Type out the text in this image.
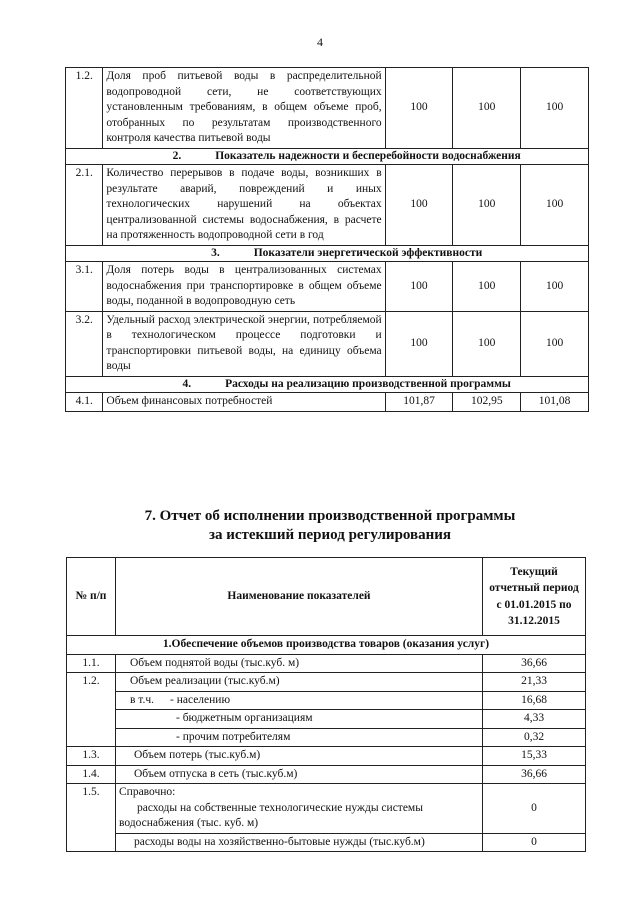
4
1.2.	Доля проб питьевой воды в распределительной водопроводной сети, не соответствующих установленным требованиям, в общем объеме проб, отобранных по результатам производственного контроля качества питьевой воды	100	100	100
2. Показатель надежности и бесперебойности водоснабжения				
2.1.	Количество перерывов в подаче воды, возникших в результате аварий, повреждений и иных технологических нарушений на объектах централизованной системы водоснабжения, в расчете на протяженность водопроводной сети в год	100	100	100
3. Показатели энергетической эффективности				
3.1.	Доля потерь воды в централизованных системах водоснабжения при транспортировке в общем объеме воды, поданной в водопроводную сеть	100	100	100
3.2.	Удельный расход электрической энергии, потребляемой в технологическом процессе подготовки и транспортировки питьевой воды, на единицу объема воды	100	100	100
4. Расходы на реализацию производственной программы				
4.1.	Объем финансовых потребностей	101,87	102,95	101,08
7. Отчет об исполнении производственной программы
за истекший период регулирования
№ п/п	Наименование показателей	Текущий
отчетный период
с 01.01.2015 по
31.12.2015

1.Обеспечение объемов производства товаров (оказания услуг)		
1.1.	Объем поднятой воды (тыс.куб. м)	36,66
1.2.	Объем реализации (тыс.куб.м)	21,33
	в т.ч. - населению	16,68
	- бюджетным организациям	4,33
	- прочим потребителям	0,32
1.3.	Объем потерь (тыс.куб.м)	15,33
1.4.	Объем отпуска в сеть (тыс.куб.м)	36,66
1.5.	Справочно:
расходы на собственные технологические нужды системы
водоснабжения (тыс. куб. м)	0
	расходы воды на хозяйственно-бытовые нужды (тыс.куб.м)	0
